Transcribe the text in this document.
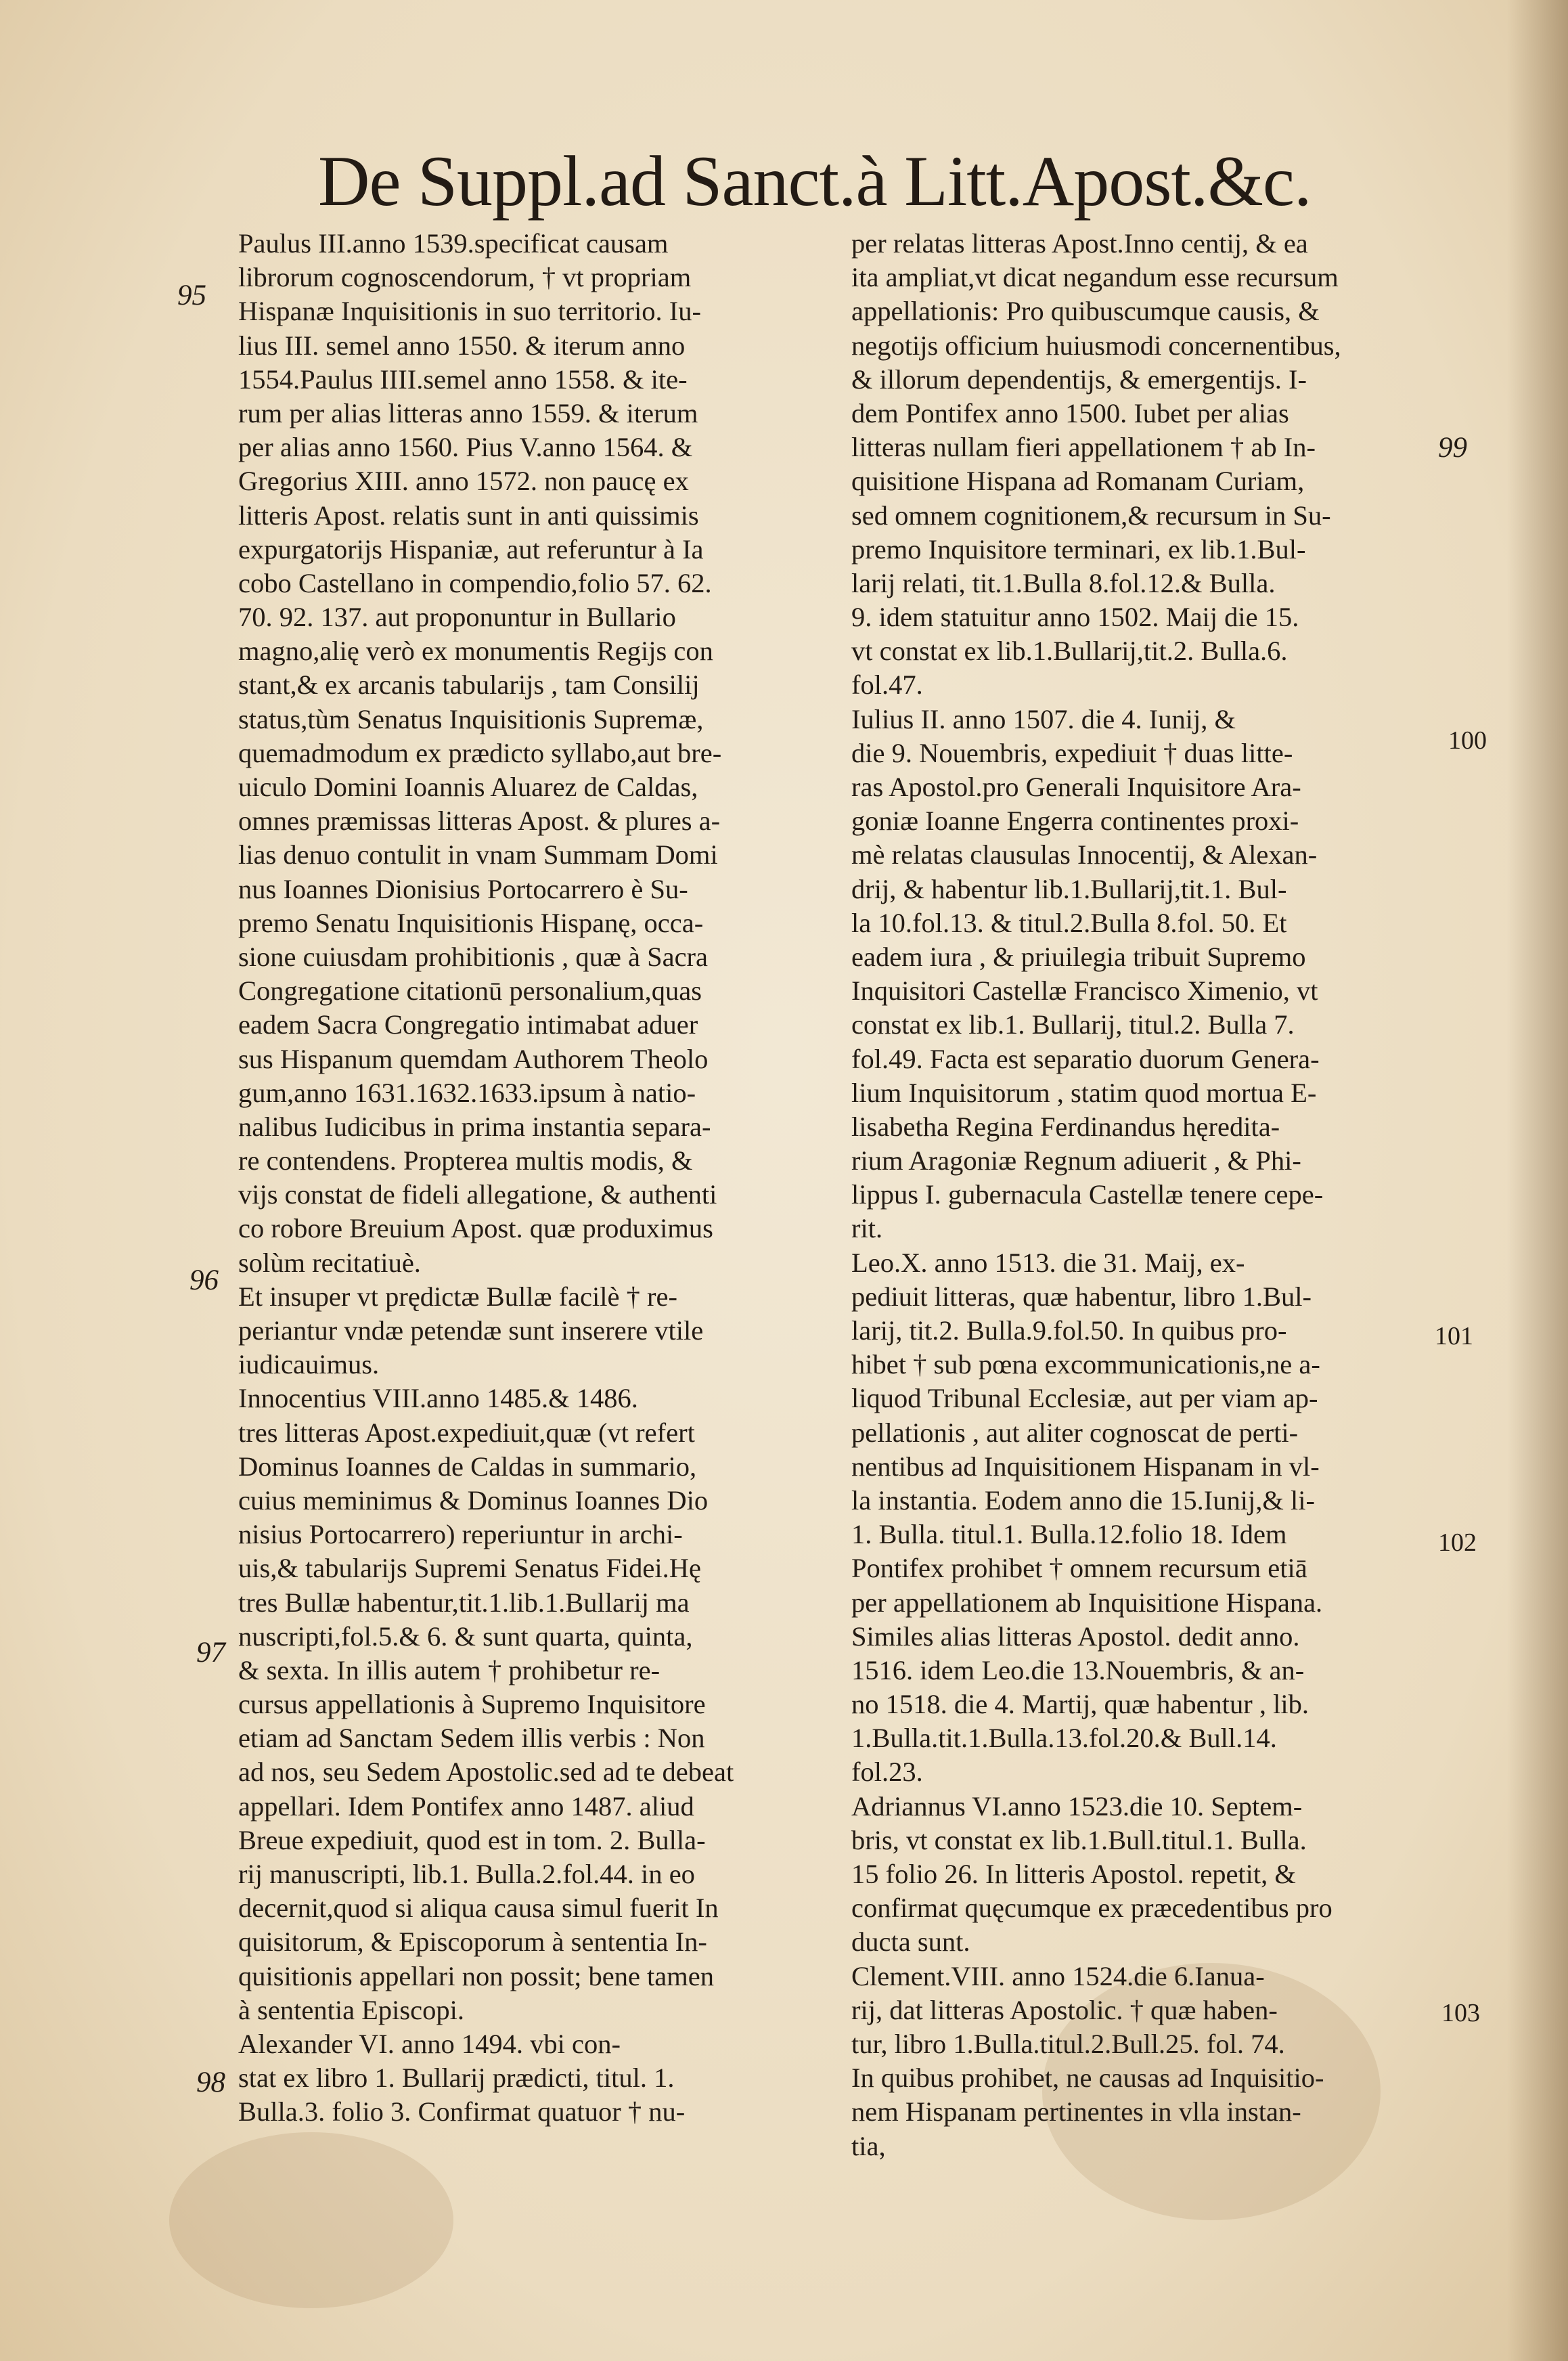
De Suppl.ad Sanct.à Litt.Apost.&c.
Paulus III.anno 1539.specificat causam
librorum cognoscendorum, † vt propriam
Hispanæ Inquisitionis in suo territorio. Iu-
lius III. semel anno 1550. & iterum anno
1554.Paulus IIII.semel anno 1558. & ite-
rum per alias litteras anno 1559. & iterum
per alias anno 1560. Pius V.anno 1564. &
Gregorius XIII. anno 1572. non paucę ex
litteris Apost. relatis sunt in anti quissimis
expurgatorijs Hispaniæ, aut referuntur à Ia
cobo Castellano in compendio,folio 57. 62.
70. 92. 137. aut proponuntur in Bullario
magno,alię verò ex monumentis Regijs con
stant,& ex arcanis tabularijs , tam Consilij
status,tùm Senatus Inquisitionis Supremæ,
quemadmodum ex prædicto syllabo,aut bre-
uiculo Domini Ioannis Aluarez de Caldas,
omnes præmissas litteras Apost. & plures a-
lias denuo contulit in vnam Summam Domi
nus Ioannes Dionisius Portocarrero è Su-
premo Senatu Inquisitionis Hispanę, occa-
sione cuiusdam prohibitionis , quæ à Sacra
Congregatione citationū personalium,quas
eadem Sacra Congregatio intimabat aduer
sus Hispanum quemdam Authorem Theolo
gum,anno 1631.1632.1633.ipsum à natio-
nalibus Iudicibus in prima instantia separa-
re contendens. Propterea multis modis, &
vijs constat de fideli allegatione, & authenti
co robore Breuium Apost. quæ produximus
solùm recitatiuè.
Et insuper vt prędictæ Bullæ facilè † re-
periantur vndæ petendæ sunt inserere vtile
iudicauimus.
Innocentius VIII.anno 1485.& 1486.
tres litteras Apost.expediuit,quæ (vt refert
Dominus Ioannes de Caldas in summario,
cuius meminimus & Dominus Ioannes Dio
nisius Portocarrero) reperiuntur in archi-
uis,& tabularijs Supremi Senatus Fidei.Hę
tres Bullæ habentur,tit.1.lib.1.Bullarij ma
nuscripti,fol.5.& 6. & sunt quarta, quinta,
& sexta. In illis autem † prohibetur re-
cursus appellationis à Supremo Inquisitore
etiam ad Sanctam Sedem illis verbis : Non
ad nos, seu Sedem Apostolic.sed ad te debeat
appellari. Idem Pontifex anno 1487. aliud
Breue expediuit, quod est in tom. 2. Bulla-
rij manuscripti, lib.1. Bulla.2.fol.44. in eo
decernit,quod si aliqua causa simul fuerit In
quisitorum, & Episcoporum à sententia In-
quisitionis appellari non possit; bene tamen
à sententia Episcopi.
Alexander VI. anno 1494. vbi con-
stat ex libro 1. Bullarij prædicti, titul. 1.
Bulla.3. folio 3. Confirmat quatuor † nu-
per relatas litteras Apost.Inno centij, & ea
ita ampliat,vt dicat negandum esse recursum
appellationis: Pro quibuscumque causis, &
negotijs officium huiusmodi concernentibus,
& illorum dependentijs, & emergentijs. I-
dem Pontifex anno 1500. Iubet per alias
litteras nullam fieri appellationem † ab In-
quisitione Hispana ad Romanam Curiam,
sed omnem cognitionem,& recursum in Su-
premo Inquisitore terminari, ex lib.1.Bul-
larij relati, tit.1.Bulla 8.fol.12.& Bulla.
9. idem statuitur anno 1502. Maij die 15.
vt constat ex lib.1.Bullarij,tit.2. Bulla.6.
fol.47.
Iulius II. anno 1507. die 4. Iunij, &
die 9. Nouembris, expediuit † duas litte-
ras Apostol.pro Generali Inquisitore Ara-
goniæ Ioanne Engerra continentes proxi-
mè relatas clausulas Innocentij, & Alexan-
drij, & habentur lib.1.Bullarij,tit.1. Bul-
la 10.fol.13. & titul.2.Bulla 8.fol. 50. Et
eadem iura , & priuilegia tribuit Supremo
Inquisitori Castellæ Francisco Ximenio, vt
constat ex lib.1. Bullarij, titul.2. Bulla 7.
fol.49. Facta est separatio duorum Genera-
lium Inquisitorum , statim quod mortua E-
lisabetha Regina Ferdinandus hęredita-
rium Aragoniæ Regnum adiuerit , & Phi-
lippus I. gubernacula Castellæ tenere cepe-
rit.
Leo.X. anno 1513. die 31. Maij, ex-
pediuit litteras, quæ habentur, libro 1.Bul-
larij, tit.2. Bulla.9.fol.50. In quibus pro-
hibet † sub pœna excommunicationis,ne a-
liquod Tribunal Ecclesiæ, aut per viam ap-
pellationis , aut aliter cognoscat de perti-
nentibus ad Inquisitionem Hispanam in vl-
la instantia. Eodem anno die 15.Iunij,& li-
1. Bulla. titul.1. Bulla.12.folio 18. Idem
Pontifex prohibet † omnem recursum etiā
per appellationem ab Inquisitione Hispana.
Similes alias litteras Apostol. dedit anno.
1516. idem Leo.die 13.Nouembris, & an-
no 1518. die 4. Martij, quæ habentur , lib.
1.Bulla.tit.1.Bulla.13.fol.20.& Bull.14.
fol.23.
Adriannus VI.anno 1523.die 10. Septem-
bris, vt constat ex lib.1.Bull.titul.1. Bulla.
15 folio 26. In litteris Apostol. repetit, &
confirmat quęcumque ex præcedentibus pro
ducta sunt.
Clement.VIII. anno 1524.die 6.Ianua-
rij, dat litteras Apostolic. † quæ haben-
tur, libro 1.Bulla.titul.2.Bull.25. fol. 74.
In quibus prohibet, ne causas ad Inquisitio-
nem Hispanam pertinentes in vlla instan-
tia,
95
96
97
98
99
100
101
102
103
